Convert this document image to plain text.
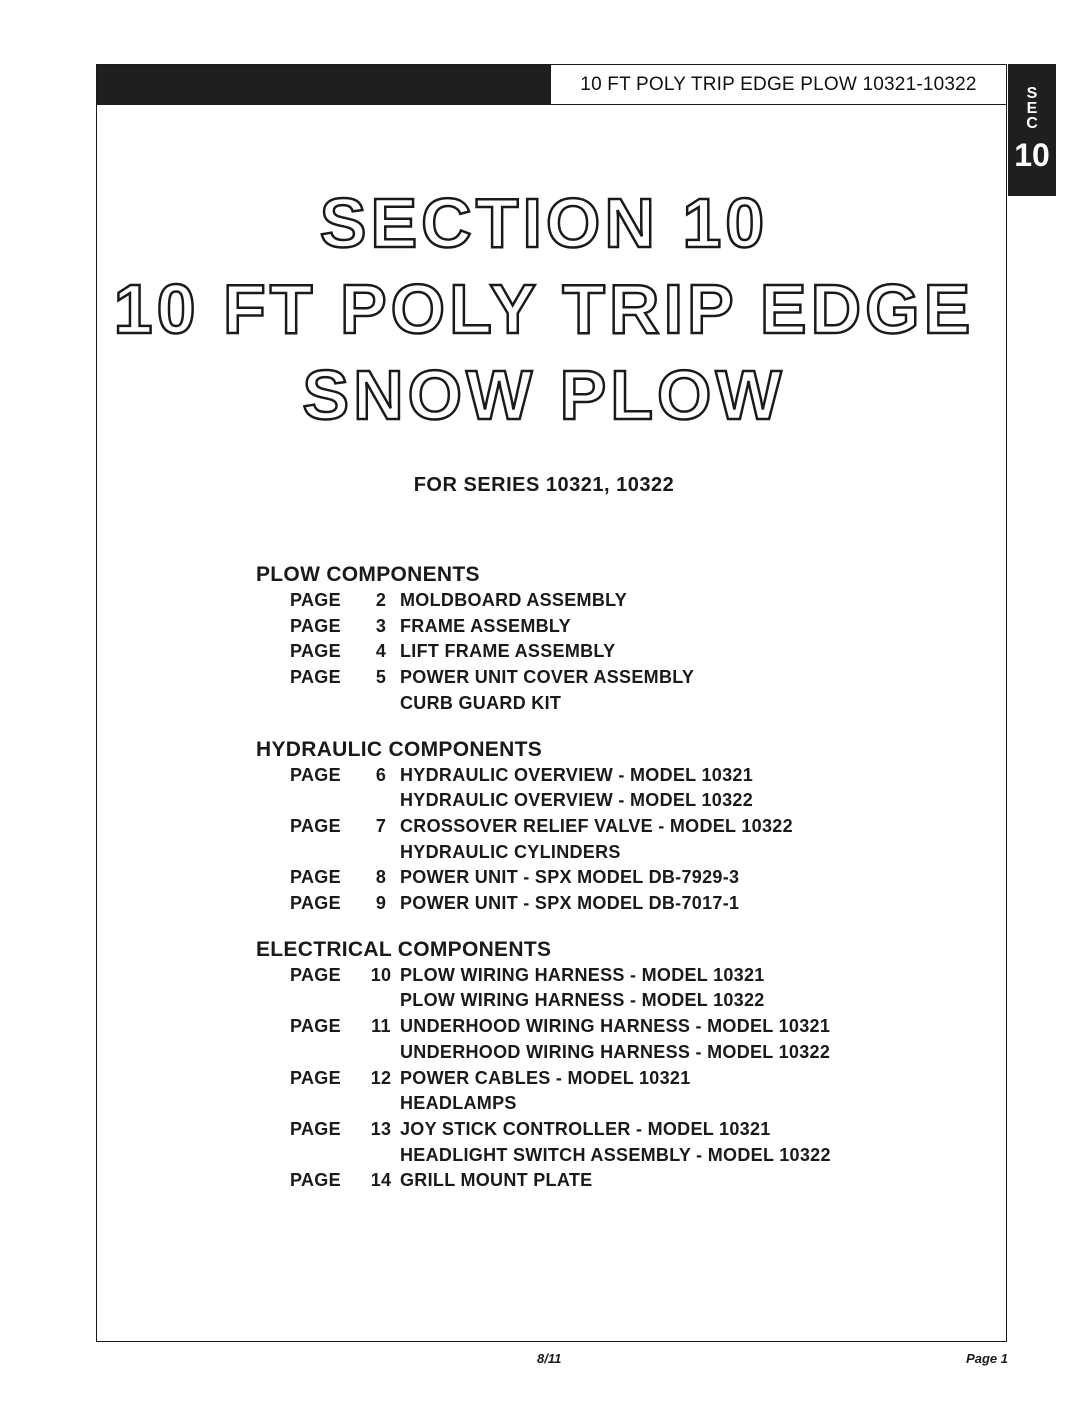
10 FT POLY TRIP EDGE PLOW 10321-10322	S
E
C
10
SECTION 10
10 FT POLY TRIP EDGE
SNOW PLOW
FOR SERIES 10321, 10322
PLOW COMPONENTS
PAGE	2 MOLDBOARD ASSEMBLY
PAGE	3 FRAME ASSEMBLY
PAGE	4 LIFT FRAME ASSEMBLY
PAGE	5 POWER UNIT COVER ASSEMBLY
CURB GUARD KIT
HYDRAULIC COMPONENTS
PAGE	6 HYDRAULIC OVERVIEW - MODEL 10321
HYDRAULIC OVERVIEW - MODEL 10322
PAGE	7 CROSSOVER RELIEF VALVE - MODEL 10322
HYDRAULIC CYLINDERS
PAGE	8 POWER UNIT - SPX MODEL DB-7929-3
PAGE	9 POWER UNIT - SPX MODEL DB-7017-1
ELECTRICAL COMPONENTS
PAGE	10 PLOW WIRING HARNESS - MODEL 10321
PLOW WIRING HARNESS - MODEL 10322
PAGE	11 UNDERHOOD WIRING HARNESS - MODEL 10321
UNDERHOOD WIRING HARNESS - MODEL 10322
PAGE	12 POWER CABLES - MODEL 10321
HEADLAMPS
PAGE	13 JOY STICK CONTROLLER - MODEL 10321
HEADLIGHT SWITCH ASSEMBLY - MODEL 10322
PAGE	14 GRILL MOUNT PLATE
8/11	Page 1
